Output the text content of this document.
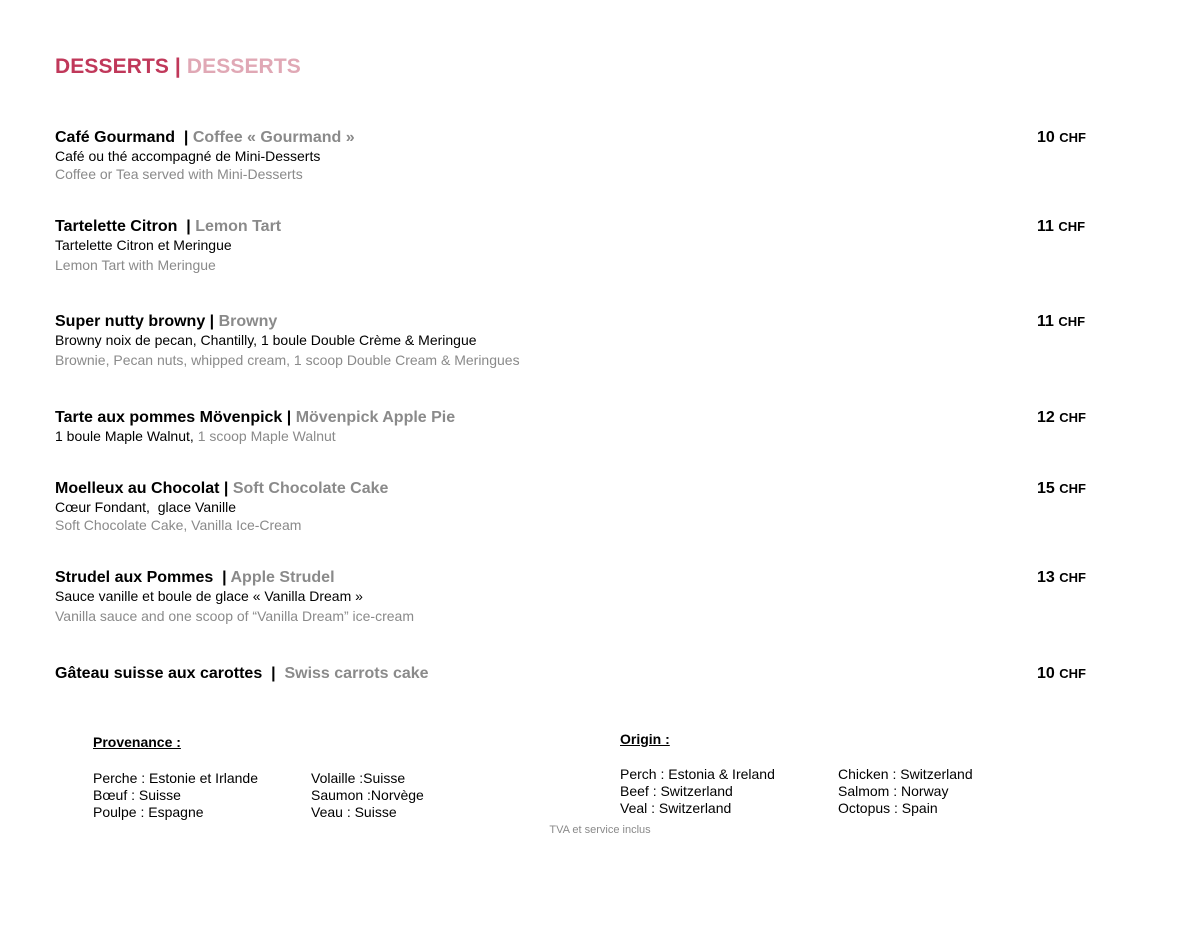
DESSERTS | DESSERTS
Café Gourmand  | Coffee « Gourmand »
Café ou thé accompagné de Mini-Desserts
Coffee or Tea served with Mini-Desserts
10 CHF
Tartelette Citron  | Lemon Tart
Tartelette Citron et Meringue
Lemon Tart with Meringue
11 CHF
Super nutty browny | Browny
Browny noix de pecan, Chantilly, 1 boule Double Crème & Meringue
Brownie, Pecan nuts, whipped cream, 1 scoop Double Cream & Meringues
11 CHF
Tarte aux pommes Mövenpick | Mövenpick Apple Pie
1 boule Maple Walnut, 1 scoop Maple Walnut
12 CHF
Moelleux au Chocolat | Soft Chocolate Cake
Cœur Fondant,  glace Vanille
Soft Chocolate Cake, Vanilla Ice-Cream
15 CHF
Strudel aux Pommes  | Apple Strudel
Sauce vanille et boule de glace « Vanilla Dream »
Vanilla sauce and one scoop of “Vanilla Dream” ice-cream
13 CHF
Gâteau suisse aux carottes  |  Swiss carrots cake	10 CHF
Provenance :
Perche : Estonie et Irlande
Bœuf : Suisse
Poulpe : Espagne
Volaille :Suisse
Saumon :Norvège
Veau : Suisse
Origin :
Perch : Estonia & Ireland
Beef : Switzerland
Veal : Switzerland
Chicken : Switzerland
Salmom : Norway
Octopus : Spain
TVA et service inclus
